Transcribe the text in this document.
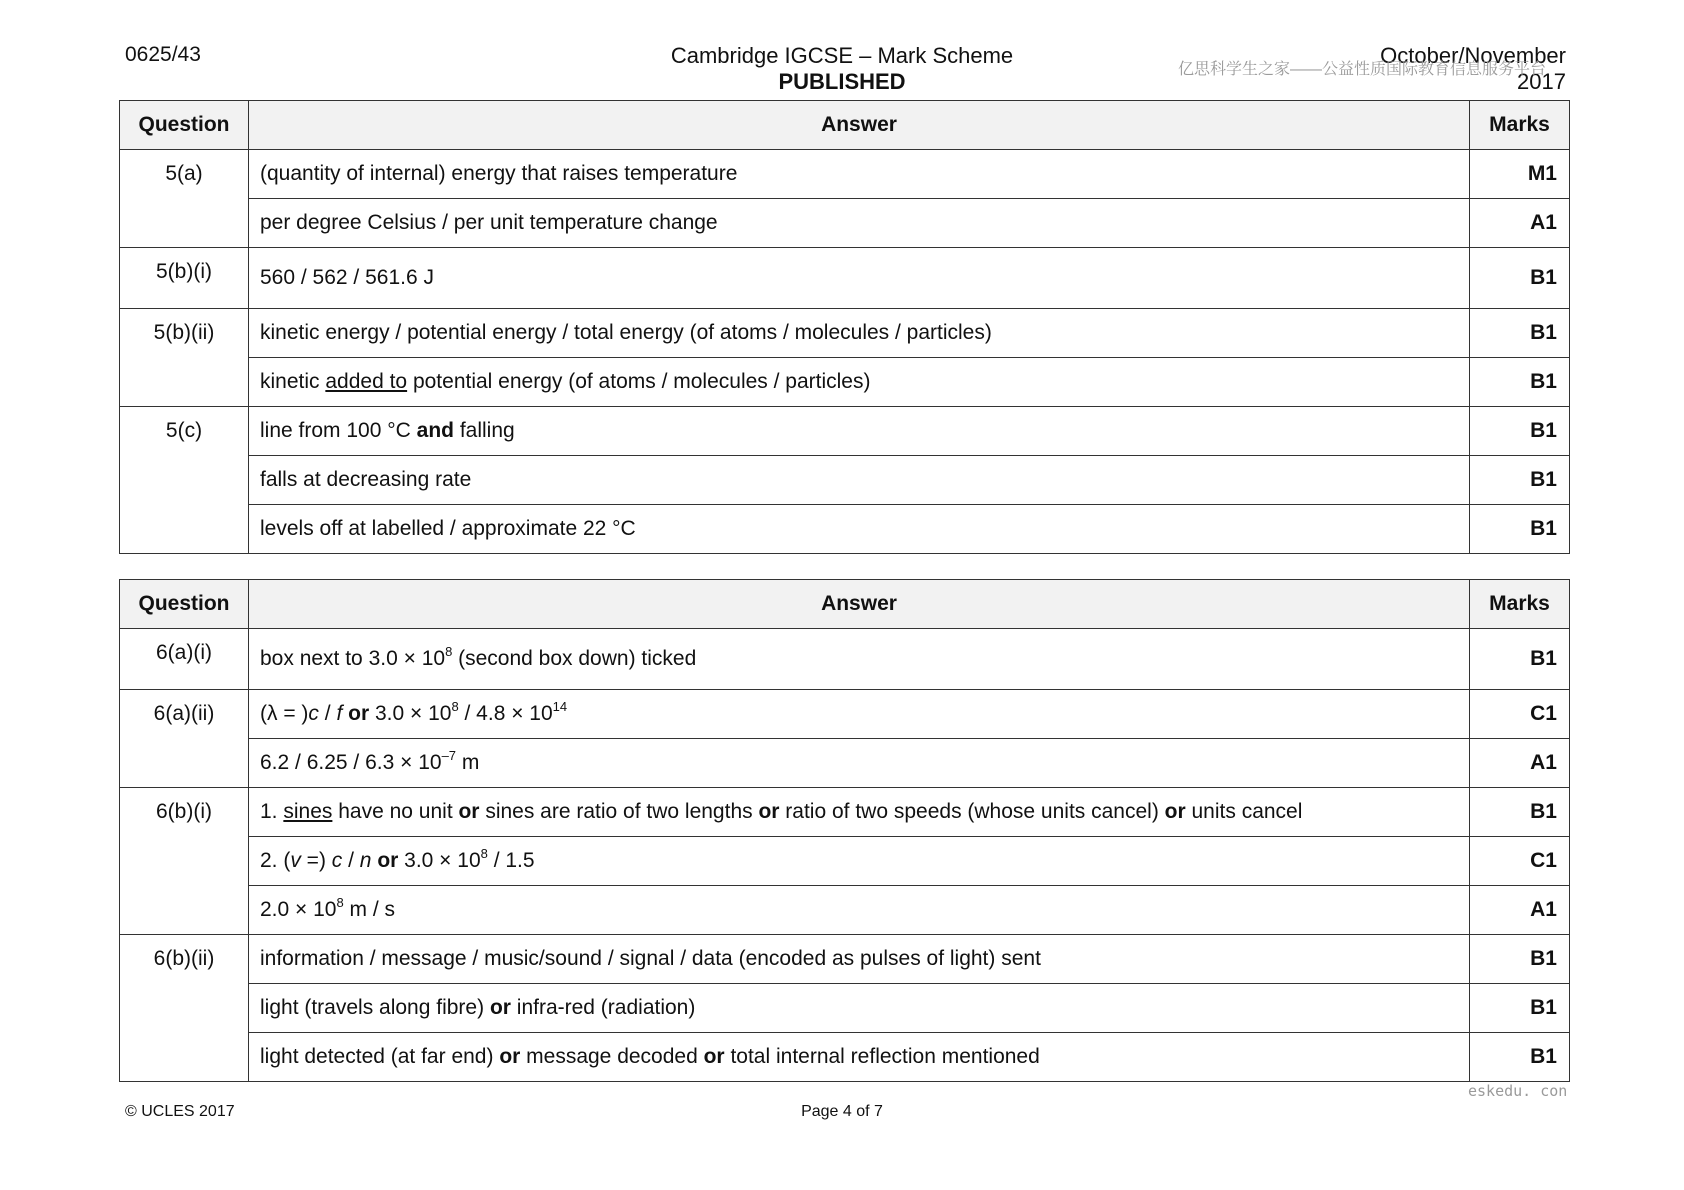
0625/43	Cambridge IGCSE – Mark Scheme
PUBLISHED
October/November
2017
亿思科学生之家——公益性质国际教育信息服务平台
Question	Answer	Marks
5(a)	(quantity of internal) energy that raises temperature	M1
	per degree Celsius / per unit temperature change	A1
5(b)(i)	560 / 562 / 561.6 J	B1
5(b)(ii)	kinetic energy / potential energy / total energy (of atoms / molecules / particles)	B1
	kinetic added to potential energy (of atoms / molecules / particles)	B1
5(c)	line from 100 °C and falling	B1
	falls at decreasing rate	B1
	levels off at labelled / approximate 22 °C	B1
Question	Answer	Marks
6(a)(i)	box next to $3.0 \times 10^8$ (second box down) ticked	B1
6(a)(ii)	(λ = )c / f or $3.0 \times 10^8 / 4.8 \times 10^{14}$	C1
	$6.2 / 6.25 / 6.3 \times 10^{-7}$ m	A1
6(b)(i)	1. sines have no unit or sines are ratio of two lengths or ratio of two speeds (whose units cancel) or units cancel	B1
	2. (v =) c / n or $3.0 \times 10^8 / 1.5$	C1
	$2.0 \times 10^8$ m / s	A1
6(b)(ii)	information / message / music/sound / signal / data (encoded as pulses of light) sent	B1
	light (travels along fibre) or infra-red (radiation)	B1
	light detected (at far end) or message decoded or total internal reflection mentioned	B1
eskedu. con
© UCLES 2017	Page 4 of 7
